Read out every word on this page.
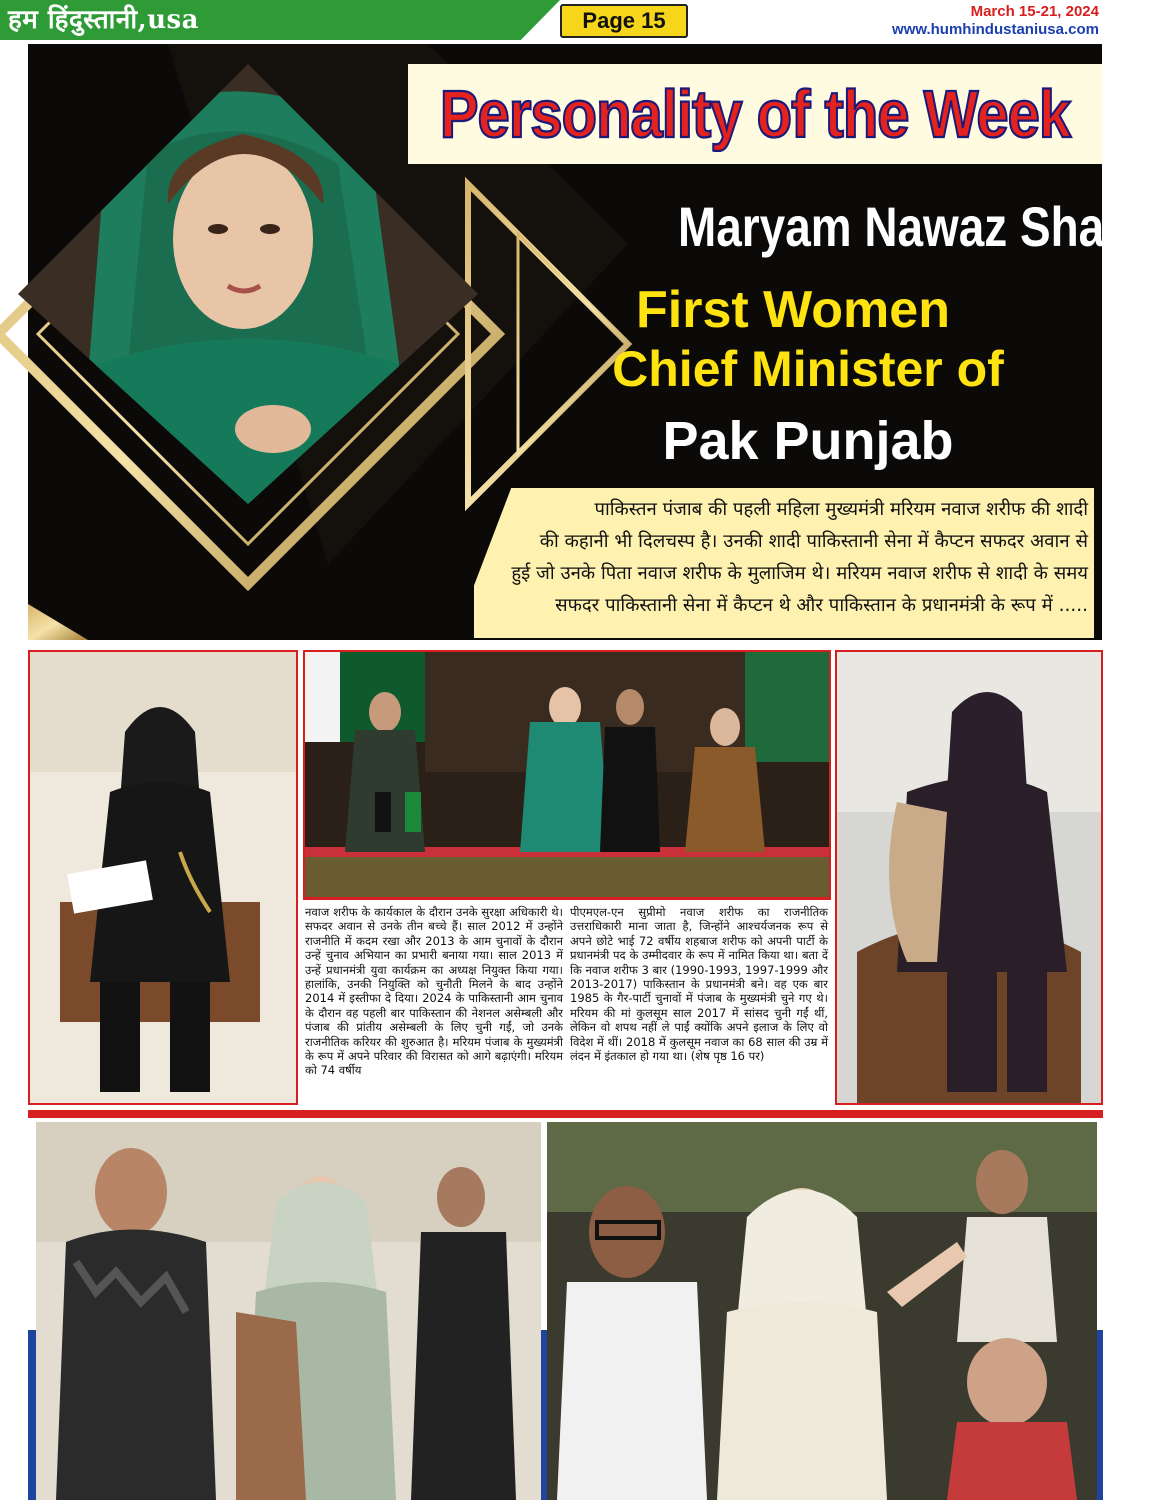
हम हिंदुस्तानी,usa	Page 15	March 15-21, 2024
www.humhindustaniusa.com
Personality of the Week
Maryam Nawaz Sharif
First Women
Chief Minister of
Pak Punjab
पाकिस्तन पंजाब की पहली महिला मुख्यमंत्री मरियम नवाज शरीफ की शादी
की कहानी भी दिलचस्प है। उनकी शादी पाकिस्तानी सेना में कैप्टन सफदर अवान से
हुई जो उनके पिता नवाज शरीफ के मुलाजिम थे। मरियम नवाज शरीफ से शादी के समय
सफदर पाकिस्तानी सेना में कैप्टन थे और पाकिस्तान के प्रधानमंत्री के रूप में .....
नवाज शरीफ के कार्यकाल के दौरान उनके सुरक्षा अधिकारी थे। सफदर अवान से उनके तीन बच्चे हैं। साल 2012 में उन्होंने राजनीति में कदम रखा और 2013 के आम चुनावों के दौरान उन्हें चुनाव अभियान का प्रभारी बनाया गया। साल 2013 में उन्हें प्रधानमंत्री युवा कार्यक्रम का अध्यक्ष नियुक्त किया गया। हालांकि, उनकी नियुक्ति को चुनौती मिलने के बाद उन्होंने 2014 में इस्तीफा दे दिया। 2024 के पाकिस्तानी आम चुनाव के दौरान वह पहली बार पाकिस्तान की नेशनल असेम्बली और पंजाब की प्रांतीय असेम्बली के लिए चुनी गईं, जो उनके राजनीतिक करियर की शुरुआत है। मरियम पंजाब के मुख्यमंत्री के रूप में अपने परिवार की विरासत को आगे बढ़ाएंगी। मरियम को 74 वर्षीय
पीएमएल-एन सुप्रीमो नवाज शरीफ का राजनीतिक उत्तराधिकारी माना जाता है, जिन्होंने आश्चर्यजनक रूप से अपने छोटे भाई 72 वर्षीय शहबाज शरीफ को अपनी पार्टी के प्रधानमंत्री पद के उम्मीदवार के रूप में नामित किया था। बता दें कि नवाज शरीफ 3 बार (1990-1993, 1997-1999 और 2013-2017) पाकिस्तान के प्रधानमंत्री बने। वह एक बार 1985 के गैर-पार्टी चुनावों में पंजाब के मुख्यमंत्री चुने गए थे। मरियम की मां कुलसूम साल 2017 में सांसद चुनी गईं थीं, लेकिन वो शपथ नहीं ले पाईं क्योंकि अपने इलाज के लिए वो विदेश में थीं। 2018 में कुलसूम नवाज का 68 साल की उम्र में लंदन में इंतकाल हो गया था। (शेष पृष्ठ 16 पर)
